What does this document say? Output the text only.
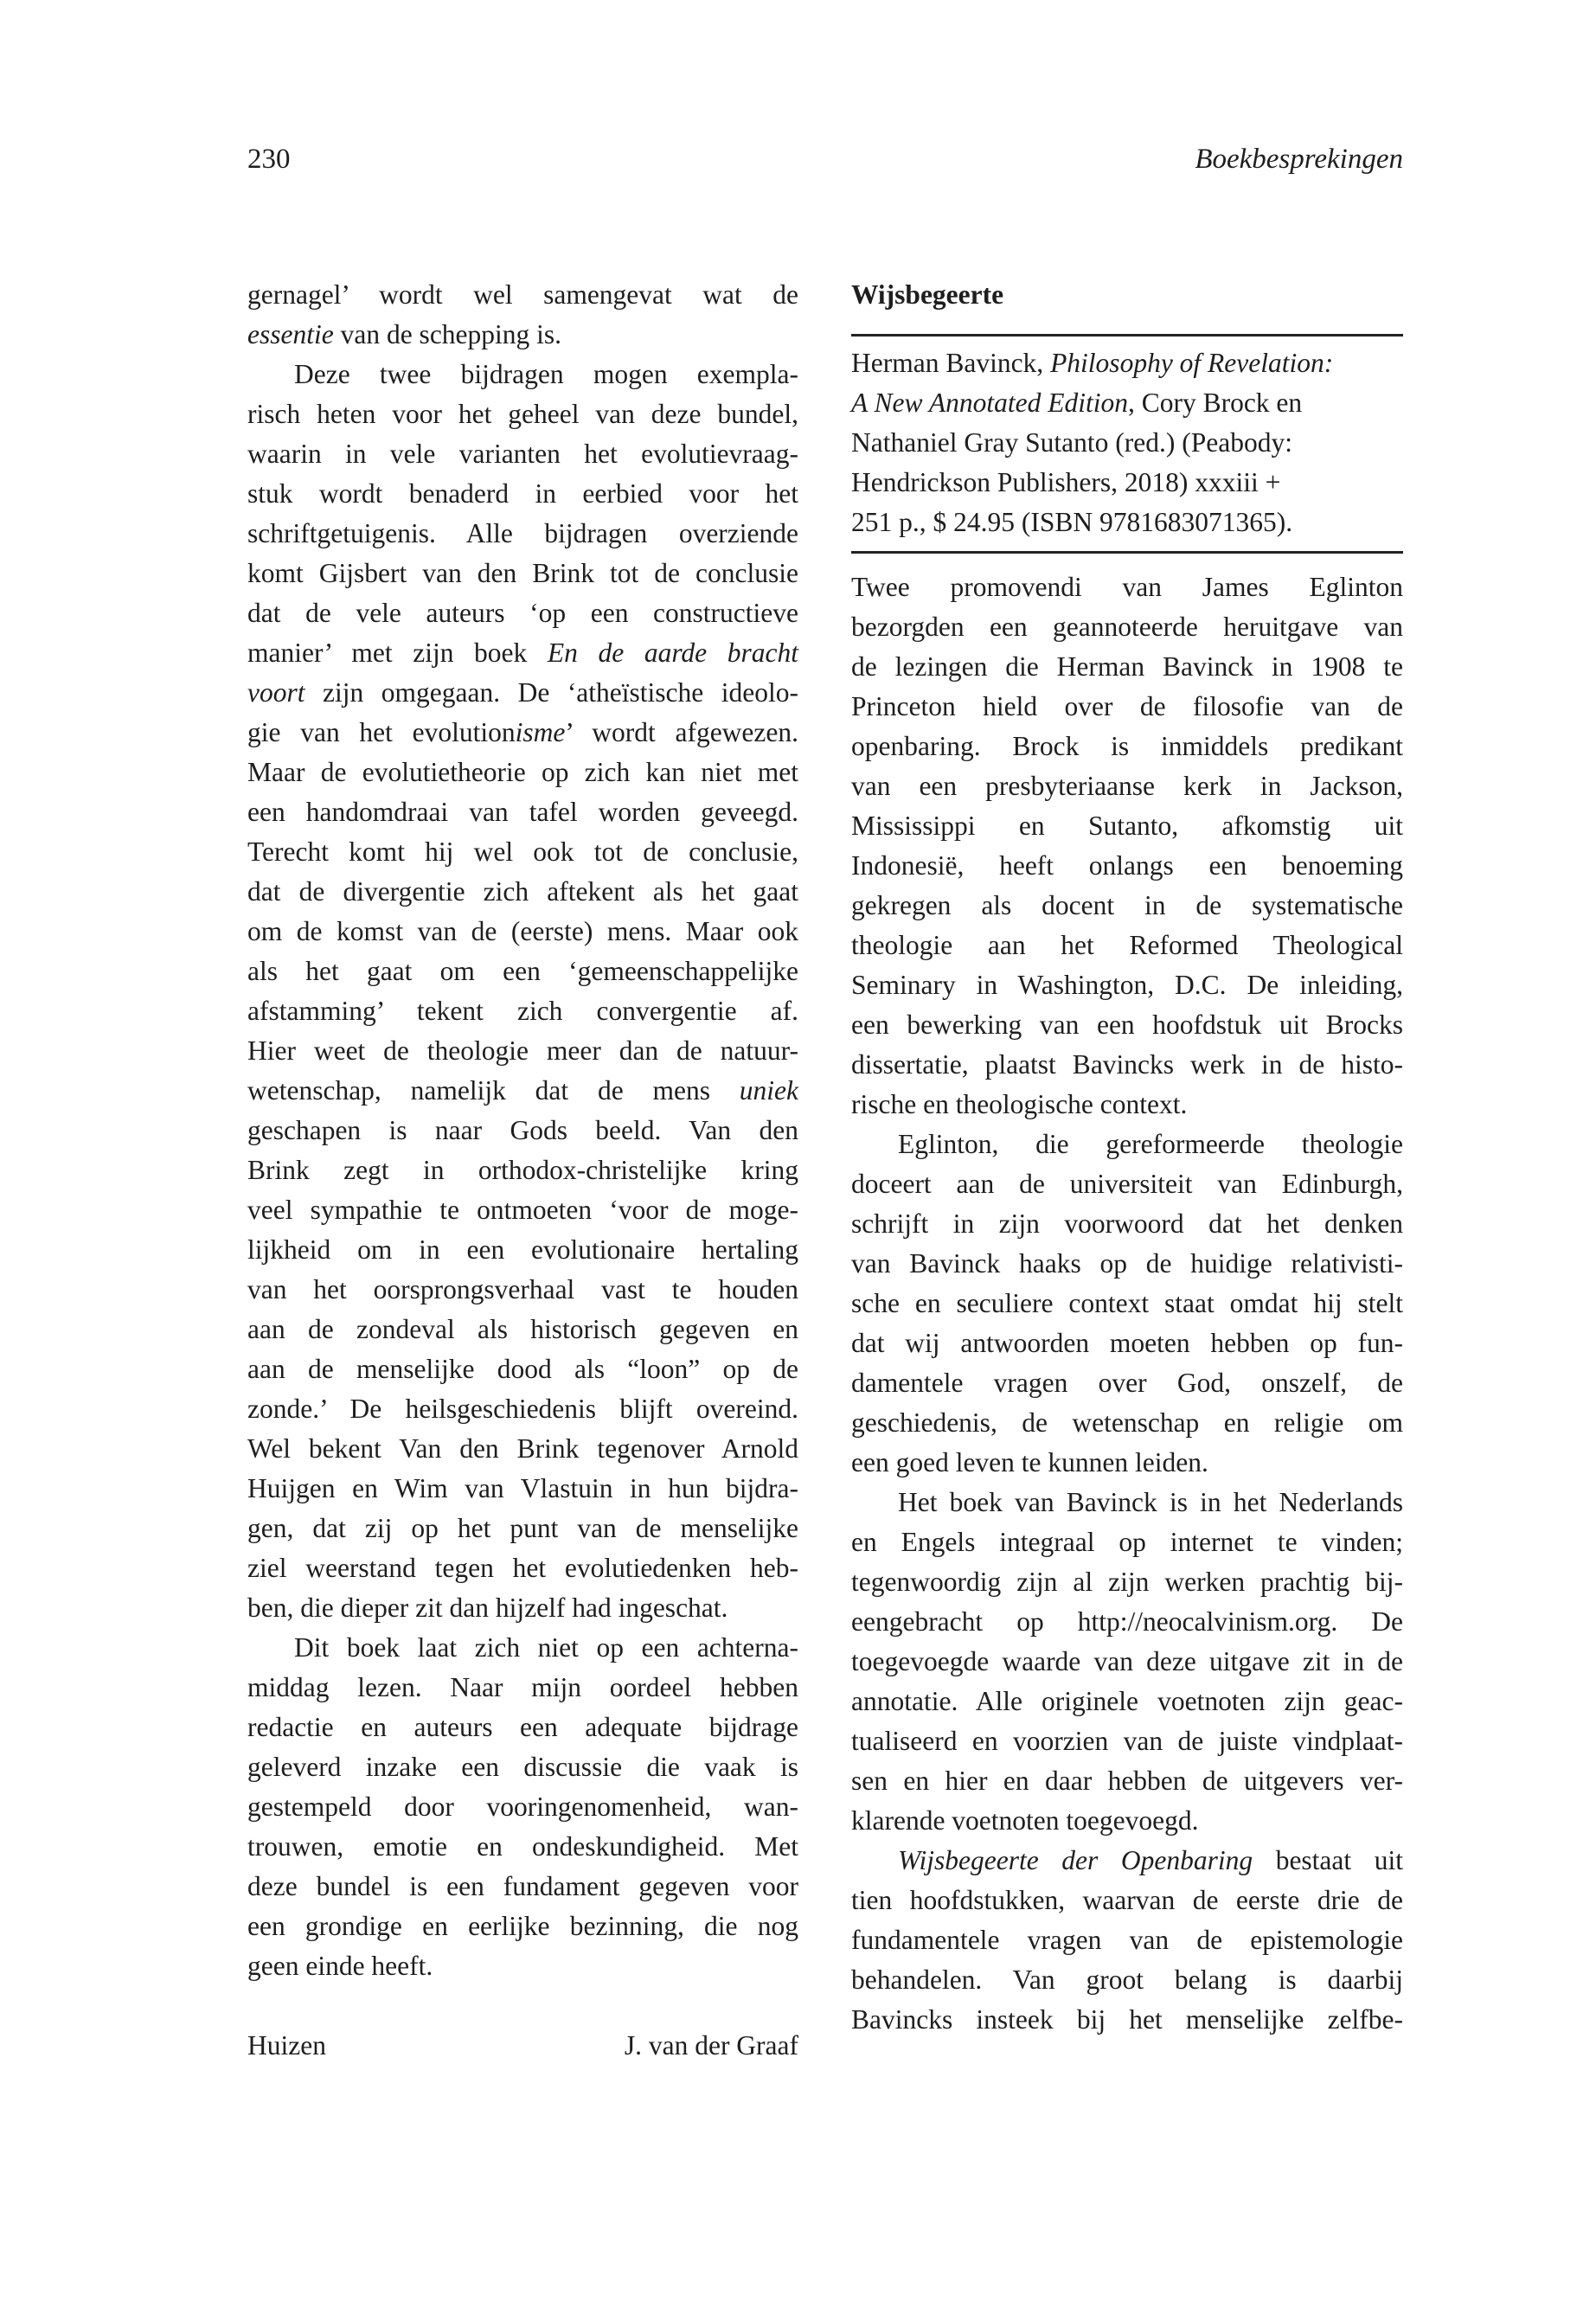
230	Boekbesprekingen
gernagel’ wordt wel samengevat wat de
essentie van de schepping is.
Deze twee bijdragen mogen exempla-
risch heten voor het geheel van deze bundel,
waarin in vele varianten het evolutievraag-
stuk wordt benaderd in eerbied voor het
schriftgetuigenis. Alle bijdragen overziende
komt Gijsbert van den Brink tot de conclusie
dat de vele auteurs ‘op een constructieve
manier’ met zijn boek En de aarde bracht
voort zijn omgegaan. De ‘atheïstische ideolo-
gie van het evolutionisme’ wordt afgewezen.
Maar de evolutietheorie op zich kan niet met
een handomdraai van tafel worden geveegd.
Terecht komt hij wel ook tot de conclusie,
dat de divergentie zich aftekent als het gaat
om de komst van de (eerste) mens. Maar ook
als het gaat om een ‘gemeenschappelijke
afstamming’ tekent zich convergentie af.
Hier weet de theologie meer dan de natuur-
wetenschap, namelijk dat de mens uniek
geschapen is naar Gods beeld. Van den
Brink zegt in orthodox-christelijke kring
veel sympathie te ontmoeten ‘voor de moge-
lijkheid om in een evolutionaire hertaling
van het oorsprongsverhaal vast te houden
aan de zondeval als historisch gegeven en
aan de menselijke dood als “loon” op de
zonde.’ De heilsgeschiedenis blijft overeind.
Wel bekent Van den Brink tegenover Arnold
Huijgen en Wim van Vlastuin in hun bijdra-
gen, dat zij op het punt van de menselijke
ziel weerstand tegen het evolutiedenken heb-
ben, die dieper zit dan hijzelf had ingeschat.
Dit boek laat zich niet op een achterna-
middag lezen. Naar mijn oordeel hebben
redactie en auteurs een adequate bijdrage
geleverd inzake een discussie die vaak is
gestempeld door vooringenomenheid, wan-
trouwen, emotie en ondeskundigheid. Met
deze bundel is een fundament gegeven voor
een grondige en eerlijke bezinning, die nog
geen einde heeft.
Huizen	J. van der Graaf
Wijsbegeerte
Herman Bavinck, Philosophy of Revelation:
A New Annotated Edition, Cory Brock en
Nathaniel Gray Sutanto (red.) (Peabody:
Hendrickson Publishers, 2018) xxxiii +
251 p., $ 24.95 (ISBN 9781683071365).
Twee promovendi van James Eglinton
bezorgden een geannoteerde heruitgave van
de lezingen die Herman Bavinck in 1908 te
Princeton hield over de filosofie van de
openbaring. Brock is inmiddels predikant
van een presbyteriaanse kerk in Jackson,
Mississippi en Sutanto, afkomstig uit
Indonesië, heeft onlangs een benoeming
gekregen als docent in de systematische
theologie aan het Reformed Theological
Seminary in Washington, D.C. De inleiding,
een bewerking van een hoofdstuk uit Brocks
dissertatie, plaatst Bavincks werk in de histo-
rische en theologische context.
Eglinton, die gereformeerde theologie
doceert aan de universiteit van Edinburgh,
schrijft in zijn voorwoord dat het denken
van Bavinck haaks op de huidige relativisti-
sche en seculiere context staat omdat hij stelt
dat wij antwoorden moeten hebben op fun-
damentele vragen over God, onszelf, de
geschiedenis, de wetenschap en religie om
een goed leven te kunnen leiden.
Het boek van Bavinck is in het Nederlands
en Engels integraal op internet te vinden;
tegenwoordig zijn al zijn werken prachtig bij-
eengebracht op http://neocalvinism.org. De
toegevoegde waarde van deze uitgave zit in de
annotatie. Alle originele voetnoten zijn geac-
tualiseerd en voorzien van de juiste vindplaat-
sen en hier en daar hebben de uitgevers ver-
klarende voetnoten toegevoegd.
Wijsbegeerte der Openbaring bestaat uit
tien hoofdstukken, waarvan de eerste drie de
fundamentele vragen van de epistemologie
behandelen. Van groot belang is daarbij
Bavincks insteek bij het menselijke zelfbe-
